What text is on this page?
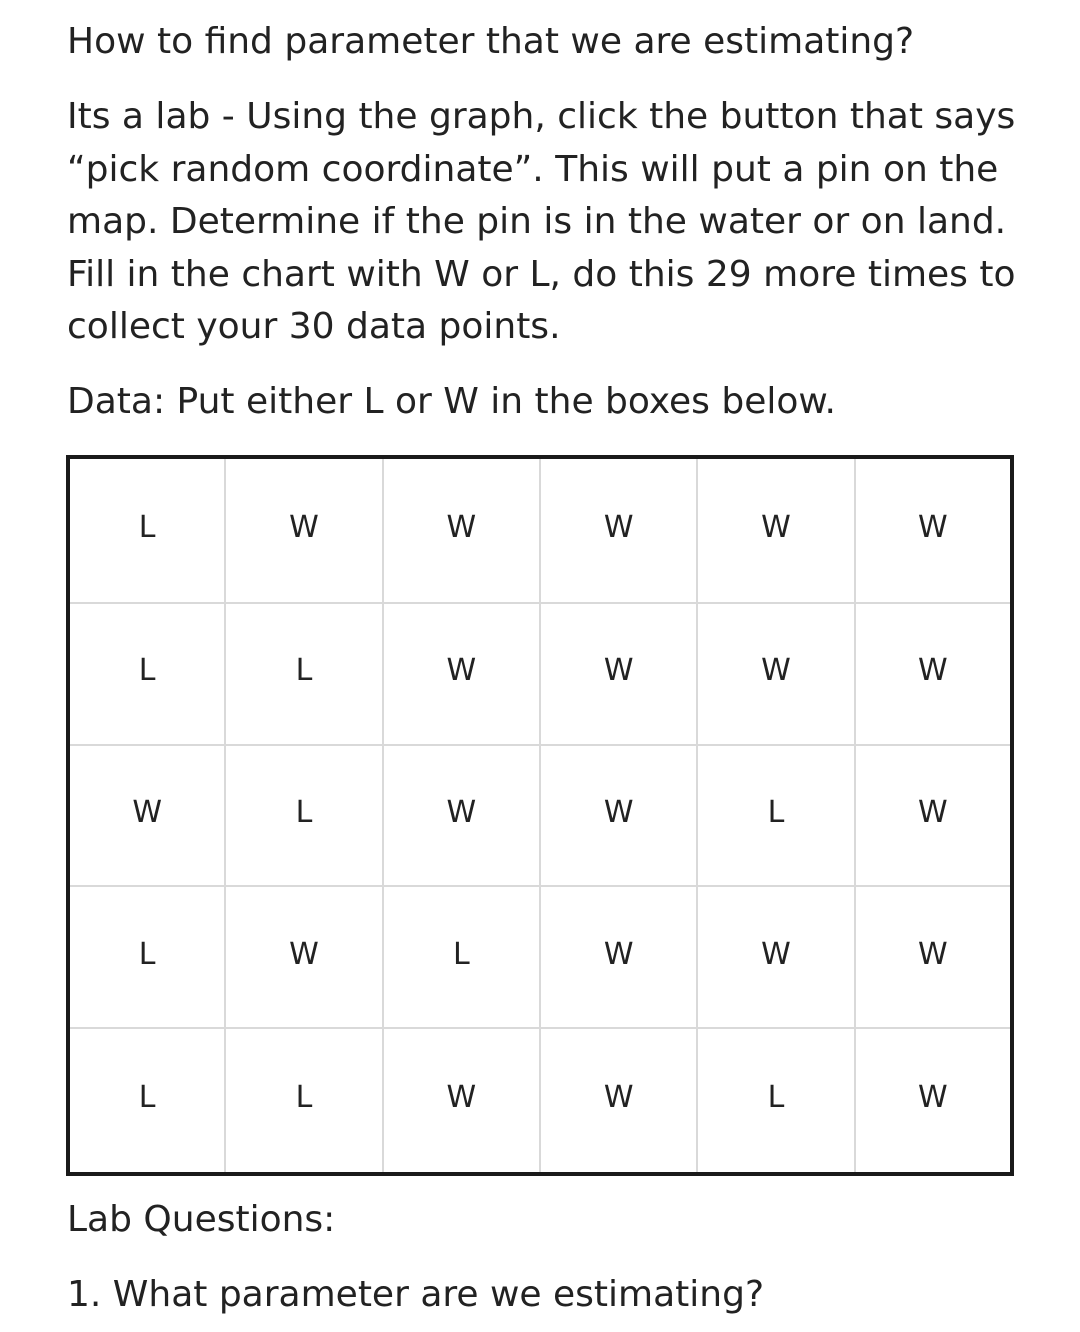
How to find parameter that we are estimating?
Its a lab - Using the graph, click the button that says “pick random coordinate”. This will put a pin on the map. Determine if the pin is in the water or on land. Fill in the chart with W or L, do this 29 more times to collect your 30 data points.
Data: Put either L or W in the boxes below.
L	W	W	W	W	W
L	L	W	W	W	W
W	L	W	W	L	W
L	W	L	W	W	W
L	L	W	W	L	W
Lab Questions:
1. What parameter are we estimating?
